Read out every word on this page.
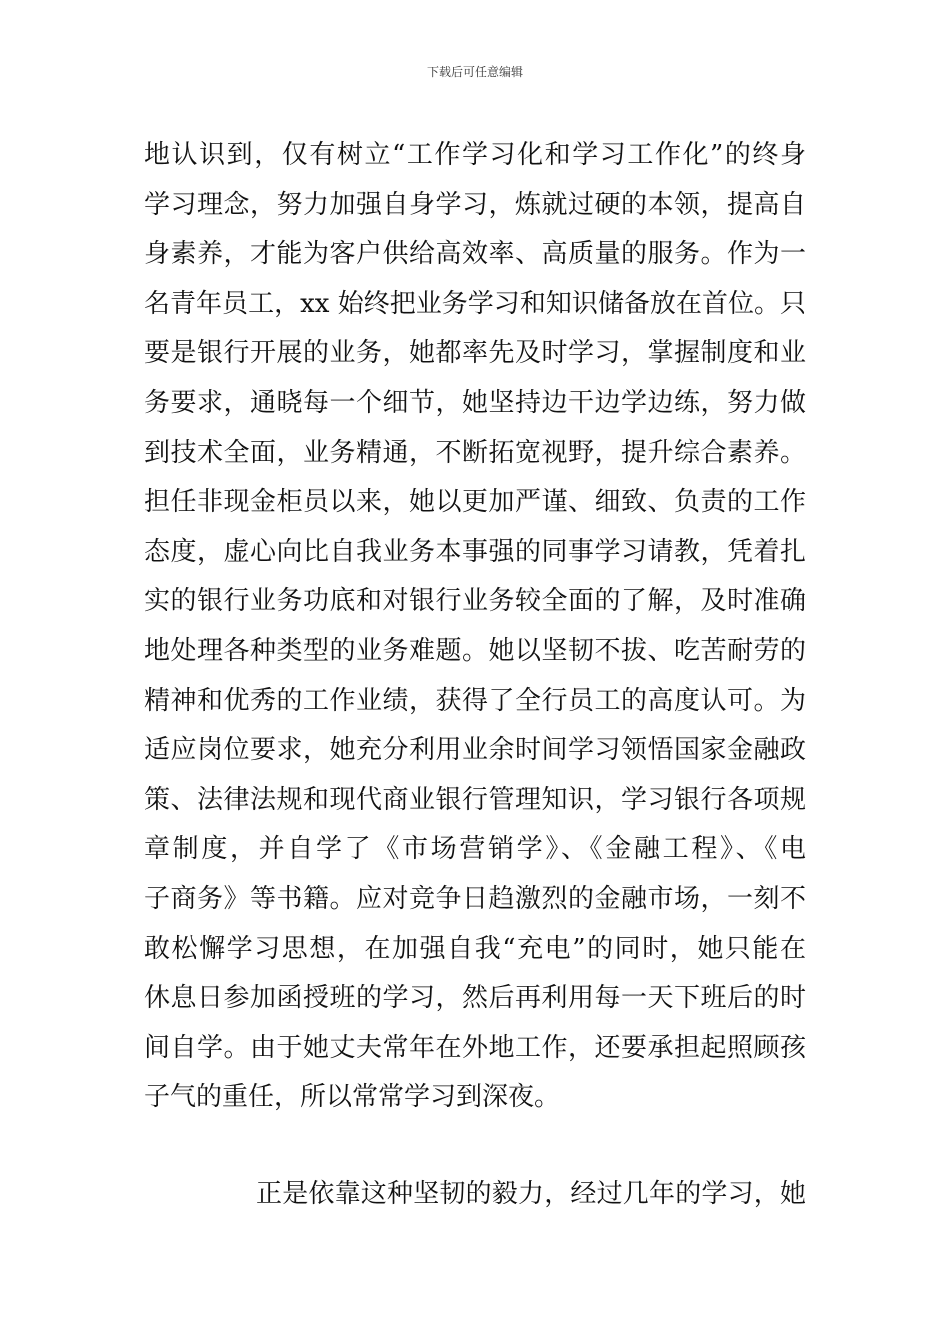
下载后可任意编辑
地认识到，仅有树立“工作学习化和学习工作化”的终身
学习理念，努力加强自身学习，炼就过硬的本领，提高自
身素养，才能为客户供给高效率、高质量的服务。作为一
名青年员工，xx 始终把业务学习和知识储备放在首位。只
要是银行开展的业务，她都率先及时学习，掌握制度和业
务要求，通晓每一个细节，她坚持边干边学边练，努力做
到技术全面，业务精通，不断拓宽视野，提升综合素养。
担任非现金柜员以来，她以更加严谨、细致、负责的工作
态度，虚心向比自我业务本事强的同事学习请教，凭着扎
实的银行业务功底和对银行业务较全面的了解，及时准确
地处理各种类型的业务难题。她以坚韧不拔、吃苦耐劳的
精神和优秀的工作业绩，获得了全行员工的高度认可。为
适应岗位要求，她充分利用业余时间学习领悟国家金融政
策、法律法规和现代商业银行管理知识，学习银行各项规
章制度，并自学了《市场营销学》、《金融工程》、《电
子商务》等书籍。应对竞争日趋激烈的金融市场，一刻不
敢松懈学习思想，在加强自我“充电”的同时，她只能在
休息日参加函授班的学习，然后再利用每一天下班后的时
间自学。由于她丈夫常年在外地工作，还要承担起照顾孩
子气的重任，所以常常学习到深夜。
正是依靠这种坚韧的毅力，经过几年的学习，她
